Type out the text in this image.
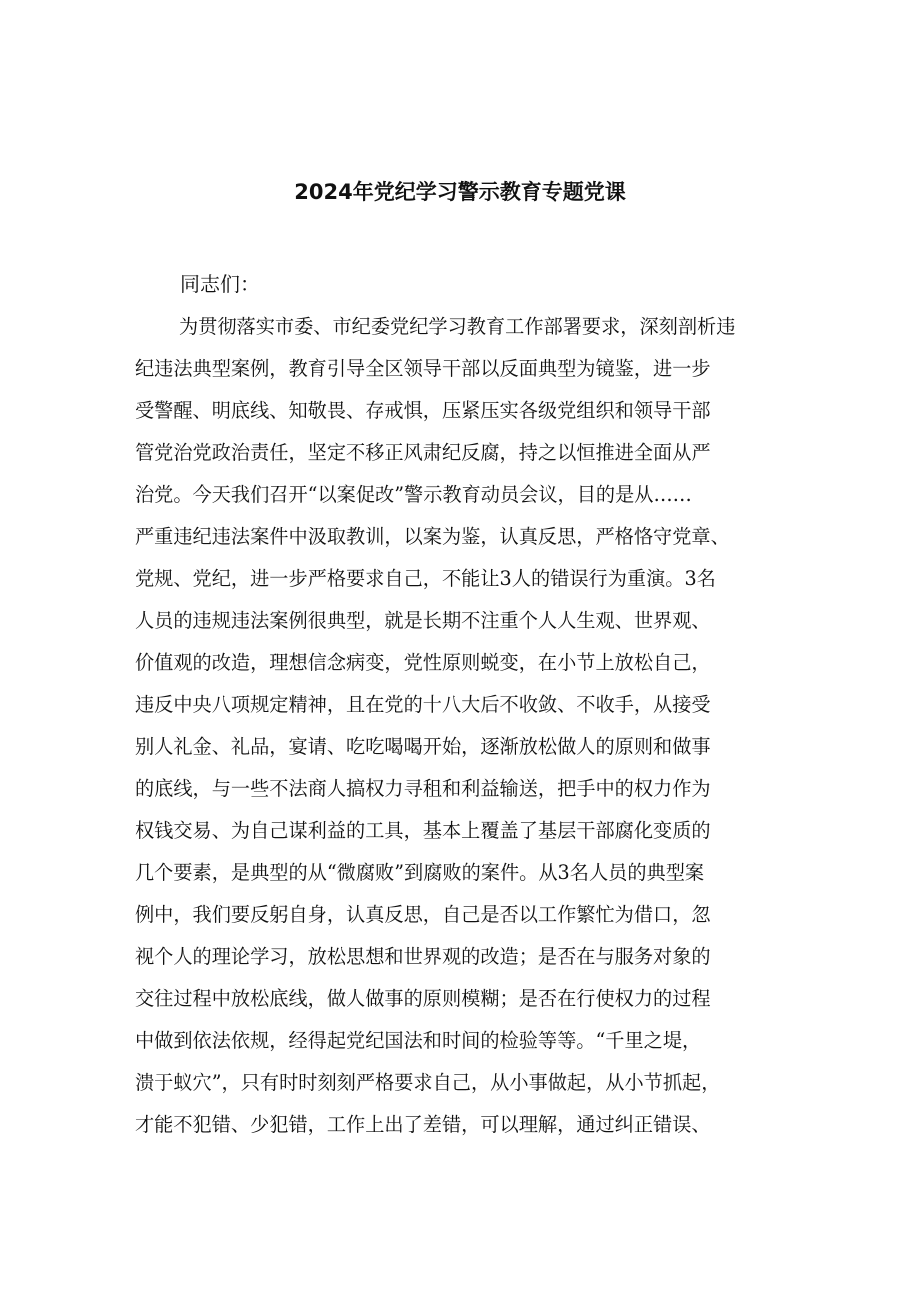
2024年党纪学习警示教育专题党课
同志们：
为贯彻落实市委、市纪委党纪学习教育工作部署要求，深刻剖析违
纪违法典型案例，教育引导全区领导干部以反面典型为镜鉴，进一步
受警醒、明底线、知敬畏、存戒惧，压紧压实各级党组织和领导干部
管党治党政治责任，坚定不移正风肃纪反腐，持之以恒推进全面从严
治党。今天我们召开“以案促改”警示教育动员会议，目的是从……
严重违纪违法案件中汲取教训，以案为鉴，认真反思，严格恪守党章、
党规、党纪，进一步严格要求自己，不能让3人的错误行为重演。3名
人员的违规违法案例很典型，就是长期不注重个人人生观、世界观、
价值观的改造，理想信念病变，党性原则蜕变，在小节上放松自己，
违反中央八项规定精神，且在党的十八大后不收敛、不收手，从接受
别人礼金、礼品，宴请、吃吃喝喝开始，逐渐放松做人的原则和做事
的底线，与一些不法商人搞权力寻租和利益输送，把手中的权力作为
权钱交易、为自己谋利益的工具，基本上覆盖了基层干部腐化变质的
几个要素，是典型的从“微腐败”到腐败的案件。从3名人员的典型案
例中，我们要反躬自身，认真反思，自己是否以工作繁忙为借口，忽
视个人的理论学习，放松思想和世界观的改造；是否在与服务对象的
交往过程中放松底线，做人做事的原则模糊；是否在行使权力的过程
中做到依法依规，经得起党纪国法和时间的检验等等。“千里之堤，
溃于蚁穴”，只有时时刻刻严格要求自己，从小事做起，从小节抓起，
才能不犯错、少犯错，工作上出了差错，可以理解，通过纠正错误、
